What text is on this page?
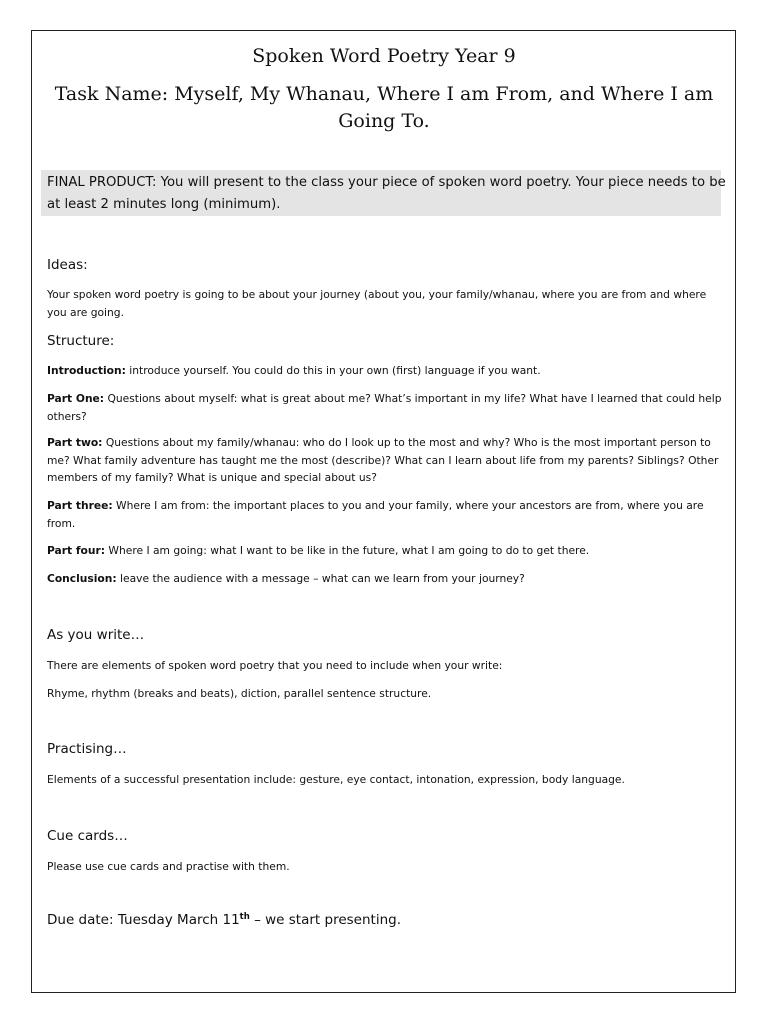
Spoken Word Poetry Year 9
Task Name: Myself, My Whanau, Where I am From, and Where I am Going To.

FINAL PRODUCT: You will present to the class your piece of spoken word poetry. Your piece needs to be at least 2 minutes long (minimum).

Ideas:

Your spoken word poetry is going to be about your journey (about you, your family/whanau, where you are from and where you are going.

Structure:

Introduction: introduce yourself. You could do this in your own (first) language if you want.

Part One: Questions about myself: what is great about me? What’s important in my life? What have I learned that could help others?

Part two: Questions about my family/whanau: who do I look up to the most and why? Who is the most important person to me? What family adventure has taught me the most (describe)? What can I learn about life from my parents? Siblings? Other members of my family? What is unique and special about us?

Part three: Where I am from: the important places to you and your family, where your ancestors are from, where you are from.

Part four: Where I am going: what I want to be like in the future, what I am going to do to get there.

Conclusion: leave the audience with a message – what can we learn from your journey?

As you write…

There are elements of spoken word poetry that you need to include when your write:

Rhyme, rhythm (breaks and beats), diction, parallel sentence structure.

Practising…

Elements of a successful presentation include: gesture, eye contact, intonation, expression, body language.

Cue cards…

Please use cue cards and practise with them.

Due date: Tuesday March 11th – we start presenting.
